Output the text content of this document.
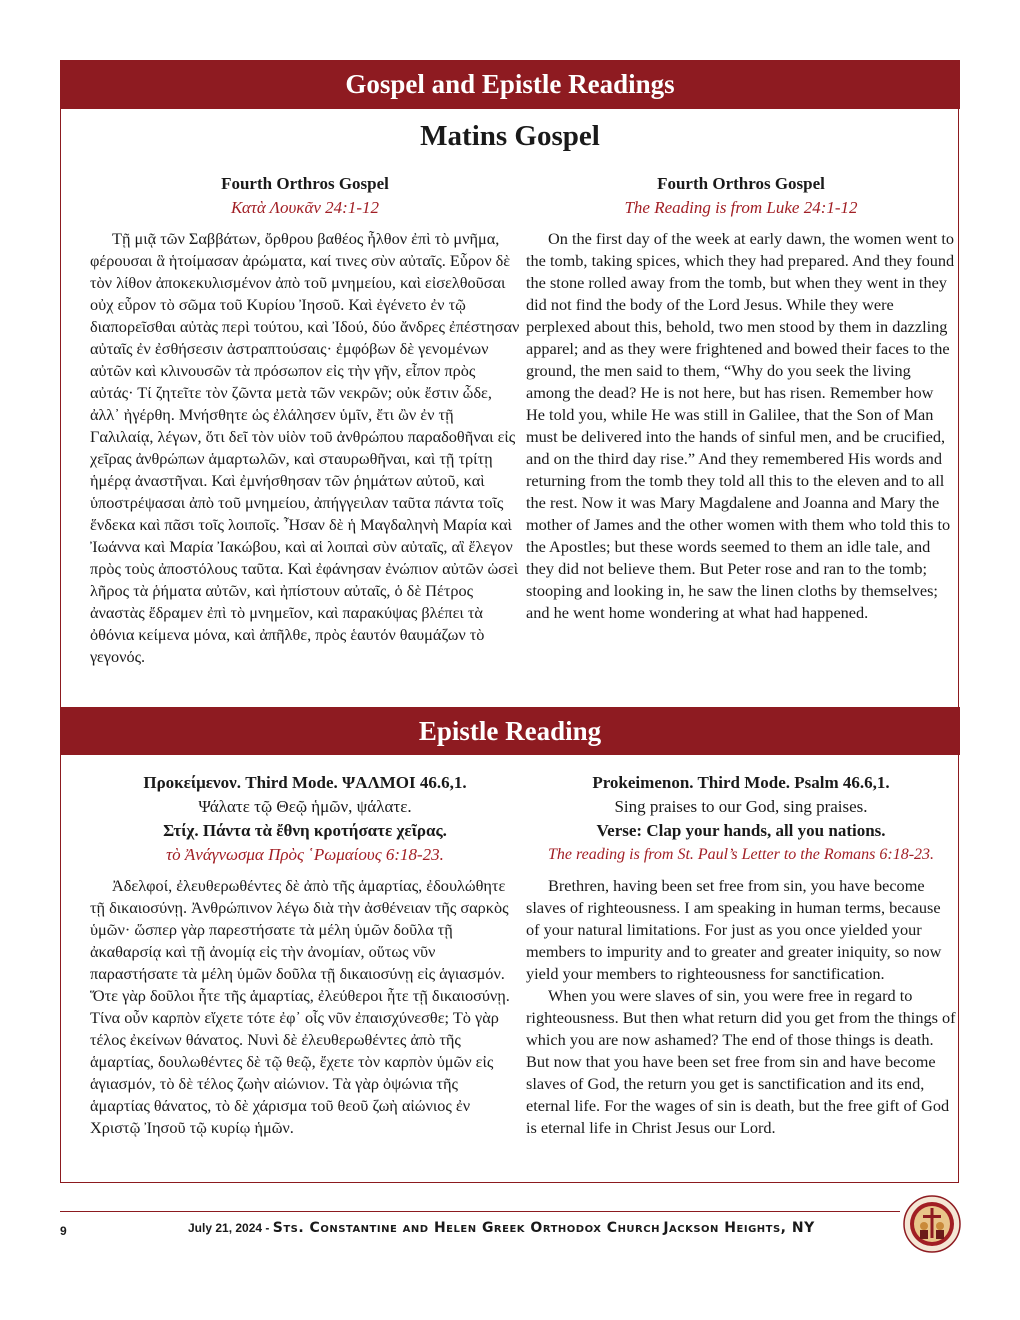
Gospel and Epistle Readings
Matins Gospel
Fourth Orthros Gospel
Κατὰ Λουκᾶν 24:1-12

Τῇ μιᾷ τῶν Σαββάτων, ὄρθρου βαθέος ἦλθον ἐπὶ τὸ μνῆμα, φέρουσαι ἃ ἡτοίμασαν ἀρώματα, καί τινες σὺν αὐταῖς. Εὗρον δὲ τὸν λίθον ἀποκεκυλισμένον ἀπὸ τοῦ μνημείου, καὶ εἰσελθοῦσαι οὐχ εὗρον τὸ σῶμα τοῦ Κυρίου Ἰησοῦ. Καὶ ἐγένετο ἐν τῷ διαπορεῖσθαι αὐτὰς περὶ τούτου, καὶ Ἰδού, δύο ἄνδρες ἐπέστησαν αὐταῖς ἐν ἐσθήσεσιν ἀστραπτούσαις· ἐμφόβων δὲ γενομένων αὐτῶν καὶ κλινουσῶν τὰ πρόσωπον εἰς τὴν γῆν, εἶπον πρὸς αὐτάς· Τί ζητεῖτε τὸν ζῶντα μετὰ τῶν νεκρῶν; οὐκ ἔστιν ὧδε, ἀλλ᾽ ἠγέρθη. Μνήσθητε ὡς ἐλάλησεν ὑμῖν, ἔτι ὢν ἐν τῇ Γαλιλαίᾳ, λέγων, ὅτι δεῖ τὸν υἱὸν τοῦ ἀνθρώπου παραδοθῆναι εἰς χεῖρας ἀνθρώπων ἁμαρτωλῶν, καὶ σταυρωθῆναι, καὶ τῇ τρίτῃ ἡμέρᾳ ἀναστῆναι. Καὶ ἐμνήσθησαν τῶν ῥημάτων αὐτοῦ, καὶ ὑποστρέψασαι ἀπὸ τοῦ μνημείου, ἀπήγγειλαν ταῦτα πάντα τοῖς ἕνδεκα καὶ πᾶσι τοῖς λοιποῖς. Ἦσαν δὲ ἡ Μαγδαληνὴ Μαρία καὶ Ἰωάννα καὶ Μαρία Ἰακώβου, καὶ αἱ λοιπαὶ σὺν αὐταῖς, αἳ ἔλεγον πρὸς τοὺς ἀποστόλους ταῦτα. Καὶ ἐφάνησαν ἐνώπιον αὐτῶν ὡσεὶ λῆρος τὰ ῥήματα αὐτῶν, καὶ ἠπίστουν αὐταῖς, ὁ δὲ Πέτρος ἀναστὰς ἔδραμεν ἐπὶ τὸ μνημεῖον, καὶ παρακύψας βλέπει τὰ ὀθόνια κείμενα μόνα, καὶ ἀπῆλθε, πρὸς ἑαυτόν θαυμάζων τὸ γεγονός.

Fourth Orthros Gospel
The Reading is from Luke 24:1-12

On the first day of the week at early dawn, the women went to the tomb, taking spices, which they had prepared. And they found the stone rolled away from the tomb, but when they went in they did not find the body of the Lord Jesus. While they were perplexed about this, behold, two men stood by them in dazzling apparel; and as they were frightened and bowed their faces to the ground, the men said to them, “Why do you seek the living among the dead? He is not here, but has risen. Remember how He told you, while He was still in Galilee, that the Son of Man must be delivered into the hands of sinful men, and be crucified, and on the third day rise.” And they remembered His words and returning from the tomb they told all this to the eleven and to all the rest. Now it was Mary Magdalene and Joanna and Mary the mother of James and the other women with them who told this to the Apostles; but these words seemed to them an idle tale, and they did not believe them. But Peter rose and ran to the tomb; stooping and looking in, he saw the linen cloths by themselves; and he went home wondering at what had happened.

Epistle Reading
Προκείμενον. Third Mode. ΨΑΛΜΟΙ 46.6,1.
Ψάλατε τῷ Θεῷ ἡμῶν, ψάλατε.
Στίχ. Πάντα τὰ ἔθνη κροτήσατε χεῖρας.
τὸ Ἀνάγνωσμα Πρὸς ῾Ρωμαίους 6:18-23.

Ἀδελφοί, ἐλευθερωθέντες δὲ ἀπὸ τῆς ἁμαρτίας, ἐδουλώθητε τῇ δικαιοσύνῃ. Ἀνθρώπινον λέγω διὰ τὴν ἀσθένειαν τῆς σαρκὸς ὑμῶν· ὥσπερ γὰρ παρεστήσατε τὰ μέλη ὑμῶν δοῦλα τῇ ἀκαθαρσίᾳ καὶ τῇ ἀνομίᾳ εἰς τὴν ἀνομίαν, οὕτως νῦν παραστήσατε τὰ μέλη ὑμῶν δοῦλα τῇ δικαιοσύνῃ εἰς ἁγιασμόν. Ὅτε γὰρ δοῦλοι ἦτε τῆς ἁμαρτίας, ἐλεύθεροι ἦτε τῇ δικαιοσύνῃ. Τίνα οὖν καρπὸν εἴχετε τότε ἐφ᾽ οἷς νῦν ἐπαισχύνεσθε; Τὸ γὰρ τέλος ἐκείνων θάνατος. Νυνὶ δὲ ἐλευθερωθέντες ἀπὸ τῆς ἁμαρτίας, δουλωθέντες δὲ τῷ θεῷ, ἔχετε τὸν καρπὸν ὑμῶν εἰς ἁγιασμόν, τὸ δὲ τέλος ζωὴν αἰώνιον. Τὰ γὰρ ὀψώνια τῆς ἁμαρτίας θάνατος, τὸ δὲ χάρισμα τοῦ θεοῦ ζωὴ αἰώνιος ἐν Χριστῷ Ἰησοῦ τῷ κυρίῳ ἡμῶν.

Prokeimenon. Third Mode. Psalm 46.6,1.
Sing praises to our God, sing praises.
Verse: Clap your hands, all you nations.
The reading is from St. Paul’s Letter to the Romans 6:18-23.

Brethren, having been set free from sin, you have become slaves of righteousness. I am speaking in human terms, because of your natural limitations. For just as you once yielded your members to impurity and to greater and greater iniquity, so now yield your members to righteousness for sanctification.

When you were slaves of sin, you were free in regard to righteousness. But then what return did you get from the things of which you are now ashamed? The end of those things is death. But now that you have been set free from sin and have become slaves of God, the return you get is sanctification and its end, eternal life. For the wages of sin is death, but the free gift of God is eternal life in Christ Jesus our Lord.

9	July 21, 2024 - Sts. Constantine and Helen Greek Orthodox Church Jackson Heights, NY
